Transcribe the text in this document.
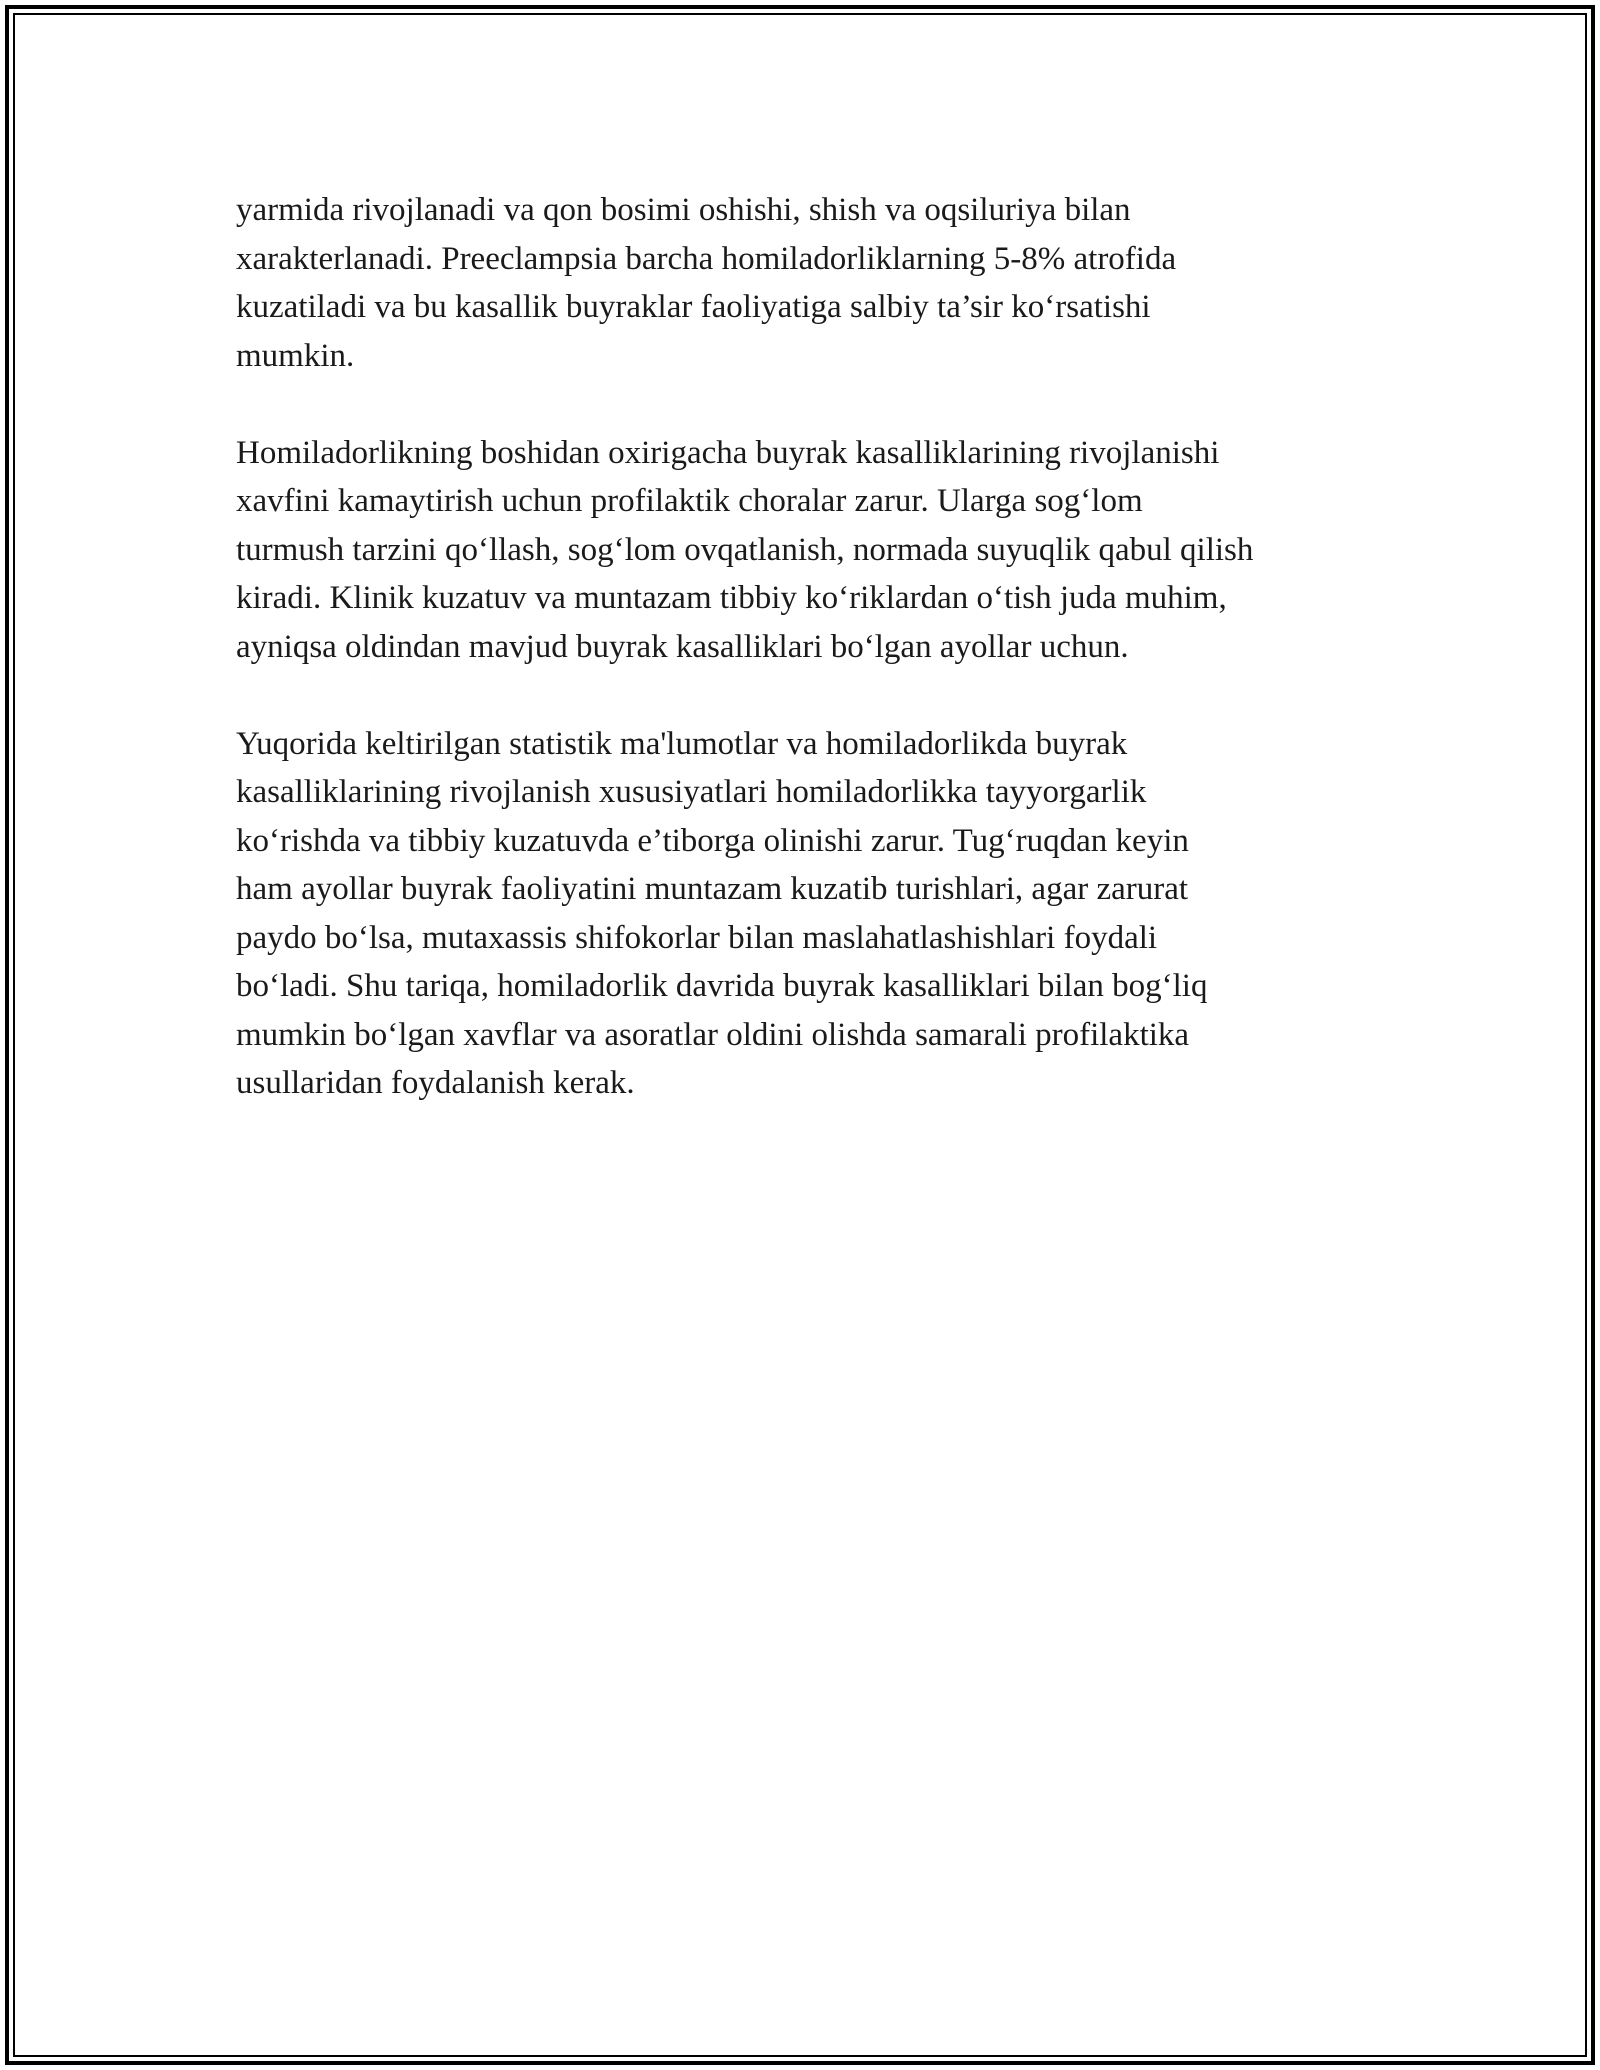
yarmida rivojlanadi va qon bosimi oshishi, shish va oqsiluriya bilan
xarakterlanadi. Preeclampsia barcha homiladorliklarning 5-8% atrofida
kuzatiladi va bu kasallik buyraklar faoliyatiga salbiy ta’sir ko‘rsatishi
mumkin.

Homiladorlikning boshidan oxirigacha buyrak kasalliklarining rivojlanishi
xavfini kamaytirish uchun profilaktik choralar zarur. Ularga sog‘lom
turmush tarzini qo‘llash, sog‘lom ovqatlanish, normada suyuqlik qabul qilish
kiradi. Klinik kuzatuv va muntazam tibbiy ko‘riklardan o‘tish juda muhim,
ayniqsa oldindan mavjud buyrak kasalliklari bo‘lgan ayollar uchun.

Yuqorida keltirilgan statistik ma'lumotlar va homiladorlikda buyrak
kasalliklarining rivojlanish xususiyatlari homiladorlikka tayyorgarlik
ko‘rishda va tibbiy kuzatuvda e’tiborga olinishi zarur. Tug‘ruqdan keyin
ham ayollar buyrak faoliyatini muntazam kuzatib turishlari, agar zarurat
paydo bo‘lsa, mutaxassis shifokorlar bilan maslahatlashishlari foydali
bo‘ladi. Shu tariqa, homiladorlik davrida buyrak kasalliklari bilan bog‘liq
mumkin bo‘lgan xavflar va asoratlar oldini olishda samarali profilaktika
usullaridan foydalanish kerak.
